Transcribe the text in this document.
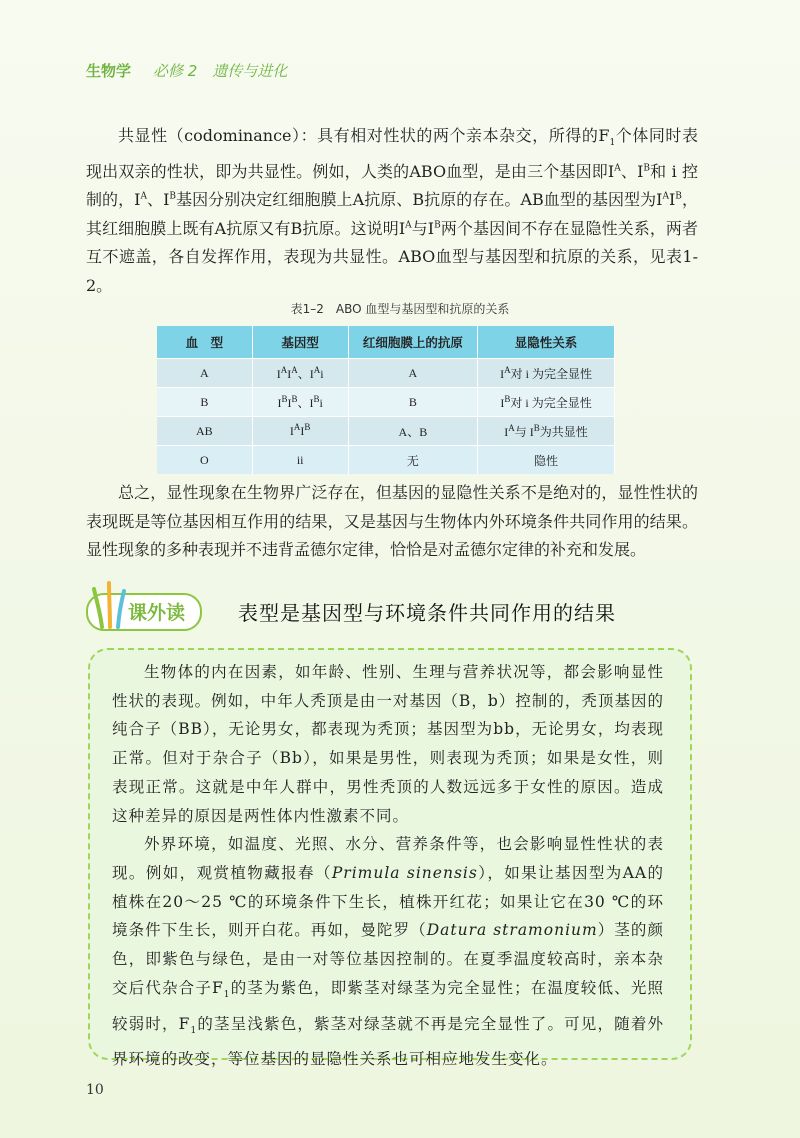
生物学 必修 2　遗传与进化
共显性（codominance）：具有相对性状的两个亲本杂交，所得的$F_1$个体同时表现出双亲的性状，即为共显性。例如，人类的ABO血型，是由三个基因即$I^A$、$I^B$和 i 控制的，$I^A$、$I^B$基因分别决定红细胞膜上A抗原、B抗原的存在。AB血型的基因型为$I^AI^B$，其红细胞膜上既有A抗原又有B抗原。这说明$I^A$与$I^B$两个基因间不存在显隐性关系，两者互不遮盖，各自发挥作用，表现为共显性。ABO血型与基因型和抗原的关系，见表1-2。
表1–2　ABO 血型与基因型和抗原的关系
血　型	基因型	红细胞膜上的抗原	显隐性关系
A	$I^AI^A$、$I^Ai$	A	$I^A$对 i 为完全显性
B	$I^BI^B$、$I^Bi$	B	$I^B$对 i 为完全显性
AB	$I^AI^B$	A、B	$I^A$与 $I^B$为共显性
O	ii	无	隐性
总之，显性现象在生物界广泛存在，但基因的显隐性关系不是绝对的，显性性状的表现既是等位基因相互作用的结果，又是基因与生物体内外环境条件共同作用的结果。显性现象的多种表现并不违背孟德尔定律，恰恰是对孟德尔定律的补充和发展。
课外读	表型是基因型与环境条件共同作用的结果

生物体的内在因素，如年龄、性别、生理与营养状况等，都会影响显性性状的表现。例如，中年人秃顶是由一对基因（B，b）控制的，秃顶基因的纯合子（BB），无论男女，都表现为秃顶；基因型为bb，无论男女，均表现正常。但对于杂合子（Bb），如果是男性，则表现为秃顶；如果是女性，则表现正常。这就是中年人群中，男性秃顶的人数远远多于女性的原因。造成这种差异的原因是两性体内性激素不同。

外界环境，如温度、光照、水分、营养条件等，也会影响显性性状的表现。例如，观赏植物藏报春（Primula sinensis），如果让基因型为AA的植株在20～25 ℃的环境条件下生长，植株开红花；如果让它在30 ℃的环境条件下生长，则开白花。再如，曼陀罗（Datura stramonium）茎的颜色，即紫色与绿色，是由一对等位基因控制的。在夏季温度较高时，亲本杂交后代杂合子$F_1$的茎为紫色，即紫茎对绿茎为完全显性；在温度较低、光照较弱时，$F_1$的茎呈浅紫色，紫茎对绿茎就不再是完全显性了。可见，随着外界环境的改变，等位基因的显隐性关系也可相应地发生变化。

10
